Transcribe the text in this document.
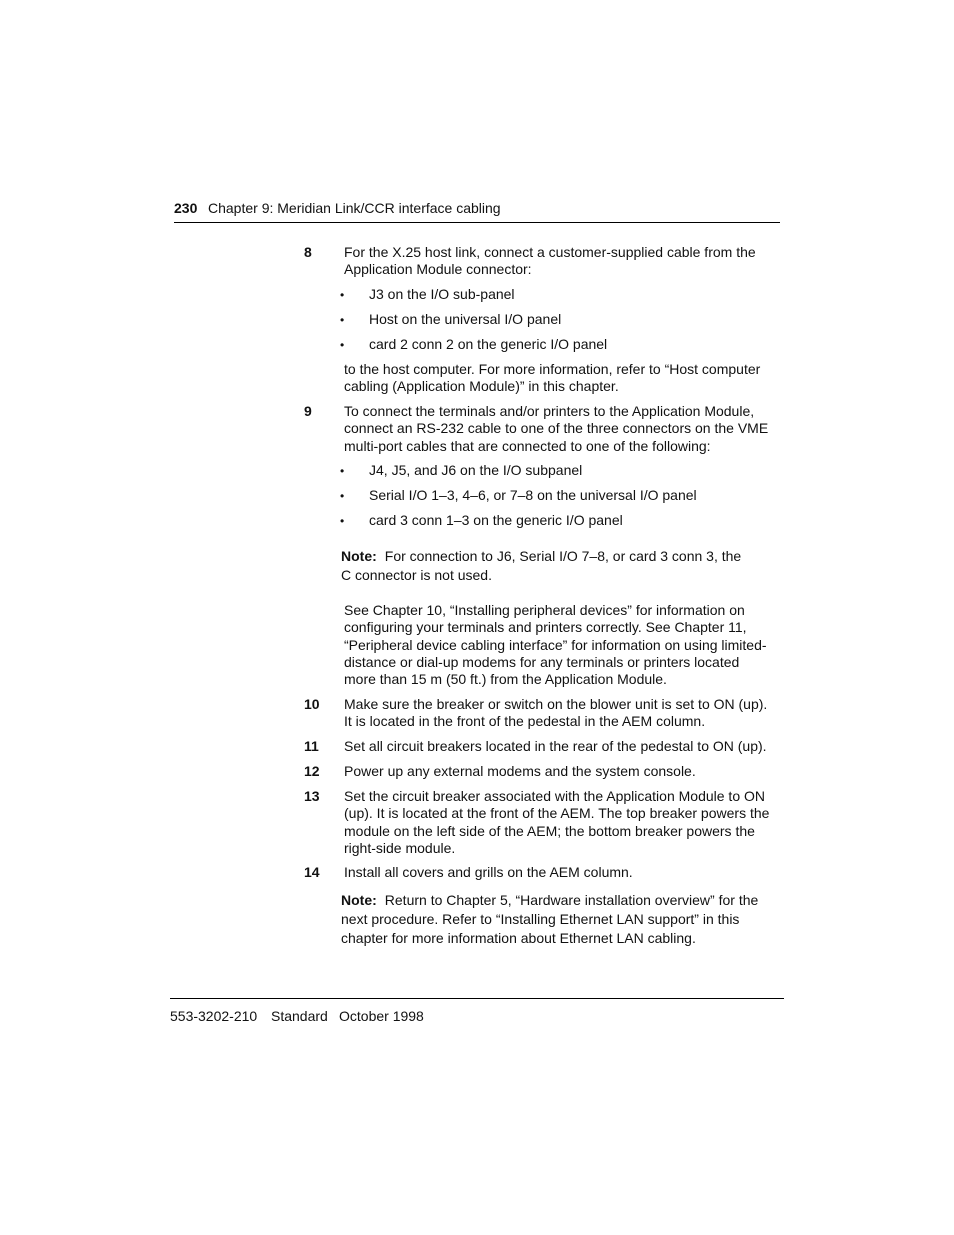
230 Chapter 9: Meridian Link/CCR interface cabling
8 For the X.25 host link, connect a customer-supplied cable from the Application Module connector:
• J3 on the I/O sub-panel
• Host on the universal I/O panel
• card 2 conn 2 on the generic I/O panel
to the host computer. For more information, refer to “Host computer cabling (Application Module)” in this chapter.
9 To connect the terminals and/or printers to the Application Module, connect an RS-232 cable to one of the three connectors on the VME multi-port cables that are connected to one of the following:
• J4, J5, and J6 on the I/O subpanel
• Serial I/O 1–3, 4–6, or 7–8 on the universal I/O panel
• card 3 conn 1–3 on the generic I/O panel
Note: For connection to J6, Serial I/O 7–8, or card 3 conn 3, the C connector is not used.
See Chapter 10, “Installing peripheral devices” for information on configuring your terminals and printers correctly. See Chapter 11, “Peripheral device cabling interface” for information on using limited-distance or dial-up modems for any terminals or printers located more than 15 m (50 ft.) from the Application Module.
10 Make sure the breaker or switch on the blower unit is set to ON (up). It is located in the front of the pedestal in the AEM column.
11 Set all circuit breakers located in the rear of the pedestal to ON (up).
12 Power up any external modems and the system console.
13 Set the circuit breaker associated with the Application Module to ON (up). It is located at the front of the AEM. The top breaker powers the module on the left side of the AEM; the bottom breaker powers the right-side module.
14 Install all covers and grills on the AEM column.
Note: Return to Chapter 5, “Hardware installation overview” for the next procedure. Refer to “Installing Ethernet LAN support” in this chapter for more information about Ethernet LAN cabling.
553-3202-210 Standard October 1998
